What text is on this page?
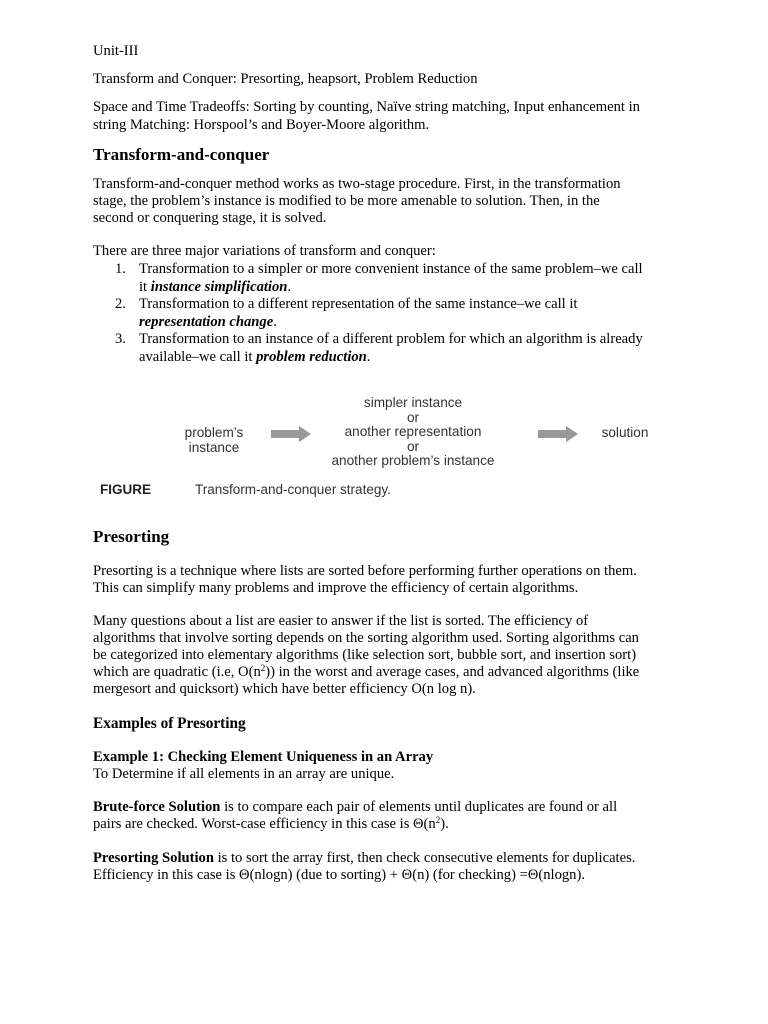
Unit-III

Transform and Conquer: Presorting, heapsort, Problem Reduction

Space and Time Tradeoffs: Sorting by counting, Naïve string matching, Input enhancement in

string Matching: Horspool’s and Boyer-Moore algorithm.

Transform-and-conquer

Transform-and-conquer method works as two-stage procedure. First, in the transformation

stage, the problem’s instance is modified to be more amenable to solution. Then, in the

second or conquering stage, it is solved.

There are three major variations of transform and conquer:

1. Transformation to a simpler or more convenient instance of the same problem–we call
it instance simplification.
2. Transformation to a different representation of the same instance–we call it
representation change.
3. Transformation to an instance of a different problem for which an algorithm is already
available–we call it problem reduction.
problem’s
instance
simpler instance
or
another representation
or
another problem’s instance
solution
FIGURE	Transform-and-conquer strategy.
Presorting

Presorting is a technique where lists are sorted before performing further operations on them.

This can simplify many problems and improve the efficiency of certain algorithms.

Many questions about a list are easier to answer if the list is sorted. The efficiency of

algorithms that involve sorting depends on the sorting algorithm used. Sorting algorithms can

be categorized into elementary algorithms (like selection sort, bubble sort, and insertion sort)

which are quadratic (i.e, $O(n^2)$) in the worst and average cases, and advanced algorithms (like

mergesort and quicksort) which have better efficiency O(n log n).

Examples of Presorting

Example 1: Checking Element Uniqueness in an Array

To Determine if all elements in an array are unique.

Brute-force Solution is to compare each pair of elements until duplicates are found or all

pairs are checked. Worst-case efficiency in this case is $\Theta(n^2)$.

Presorting Solution is to sort the array first, then check consecutive elements for duplicates.

Efficiency in this case is Θ(nlogn) (due to sorting) + Θ(n) (for checking) =Θ(nlogn).
